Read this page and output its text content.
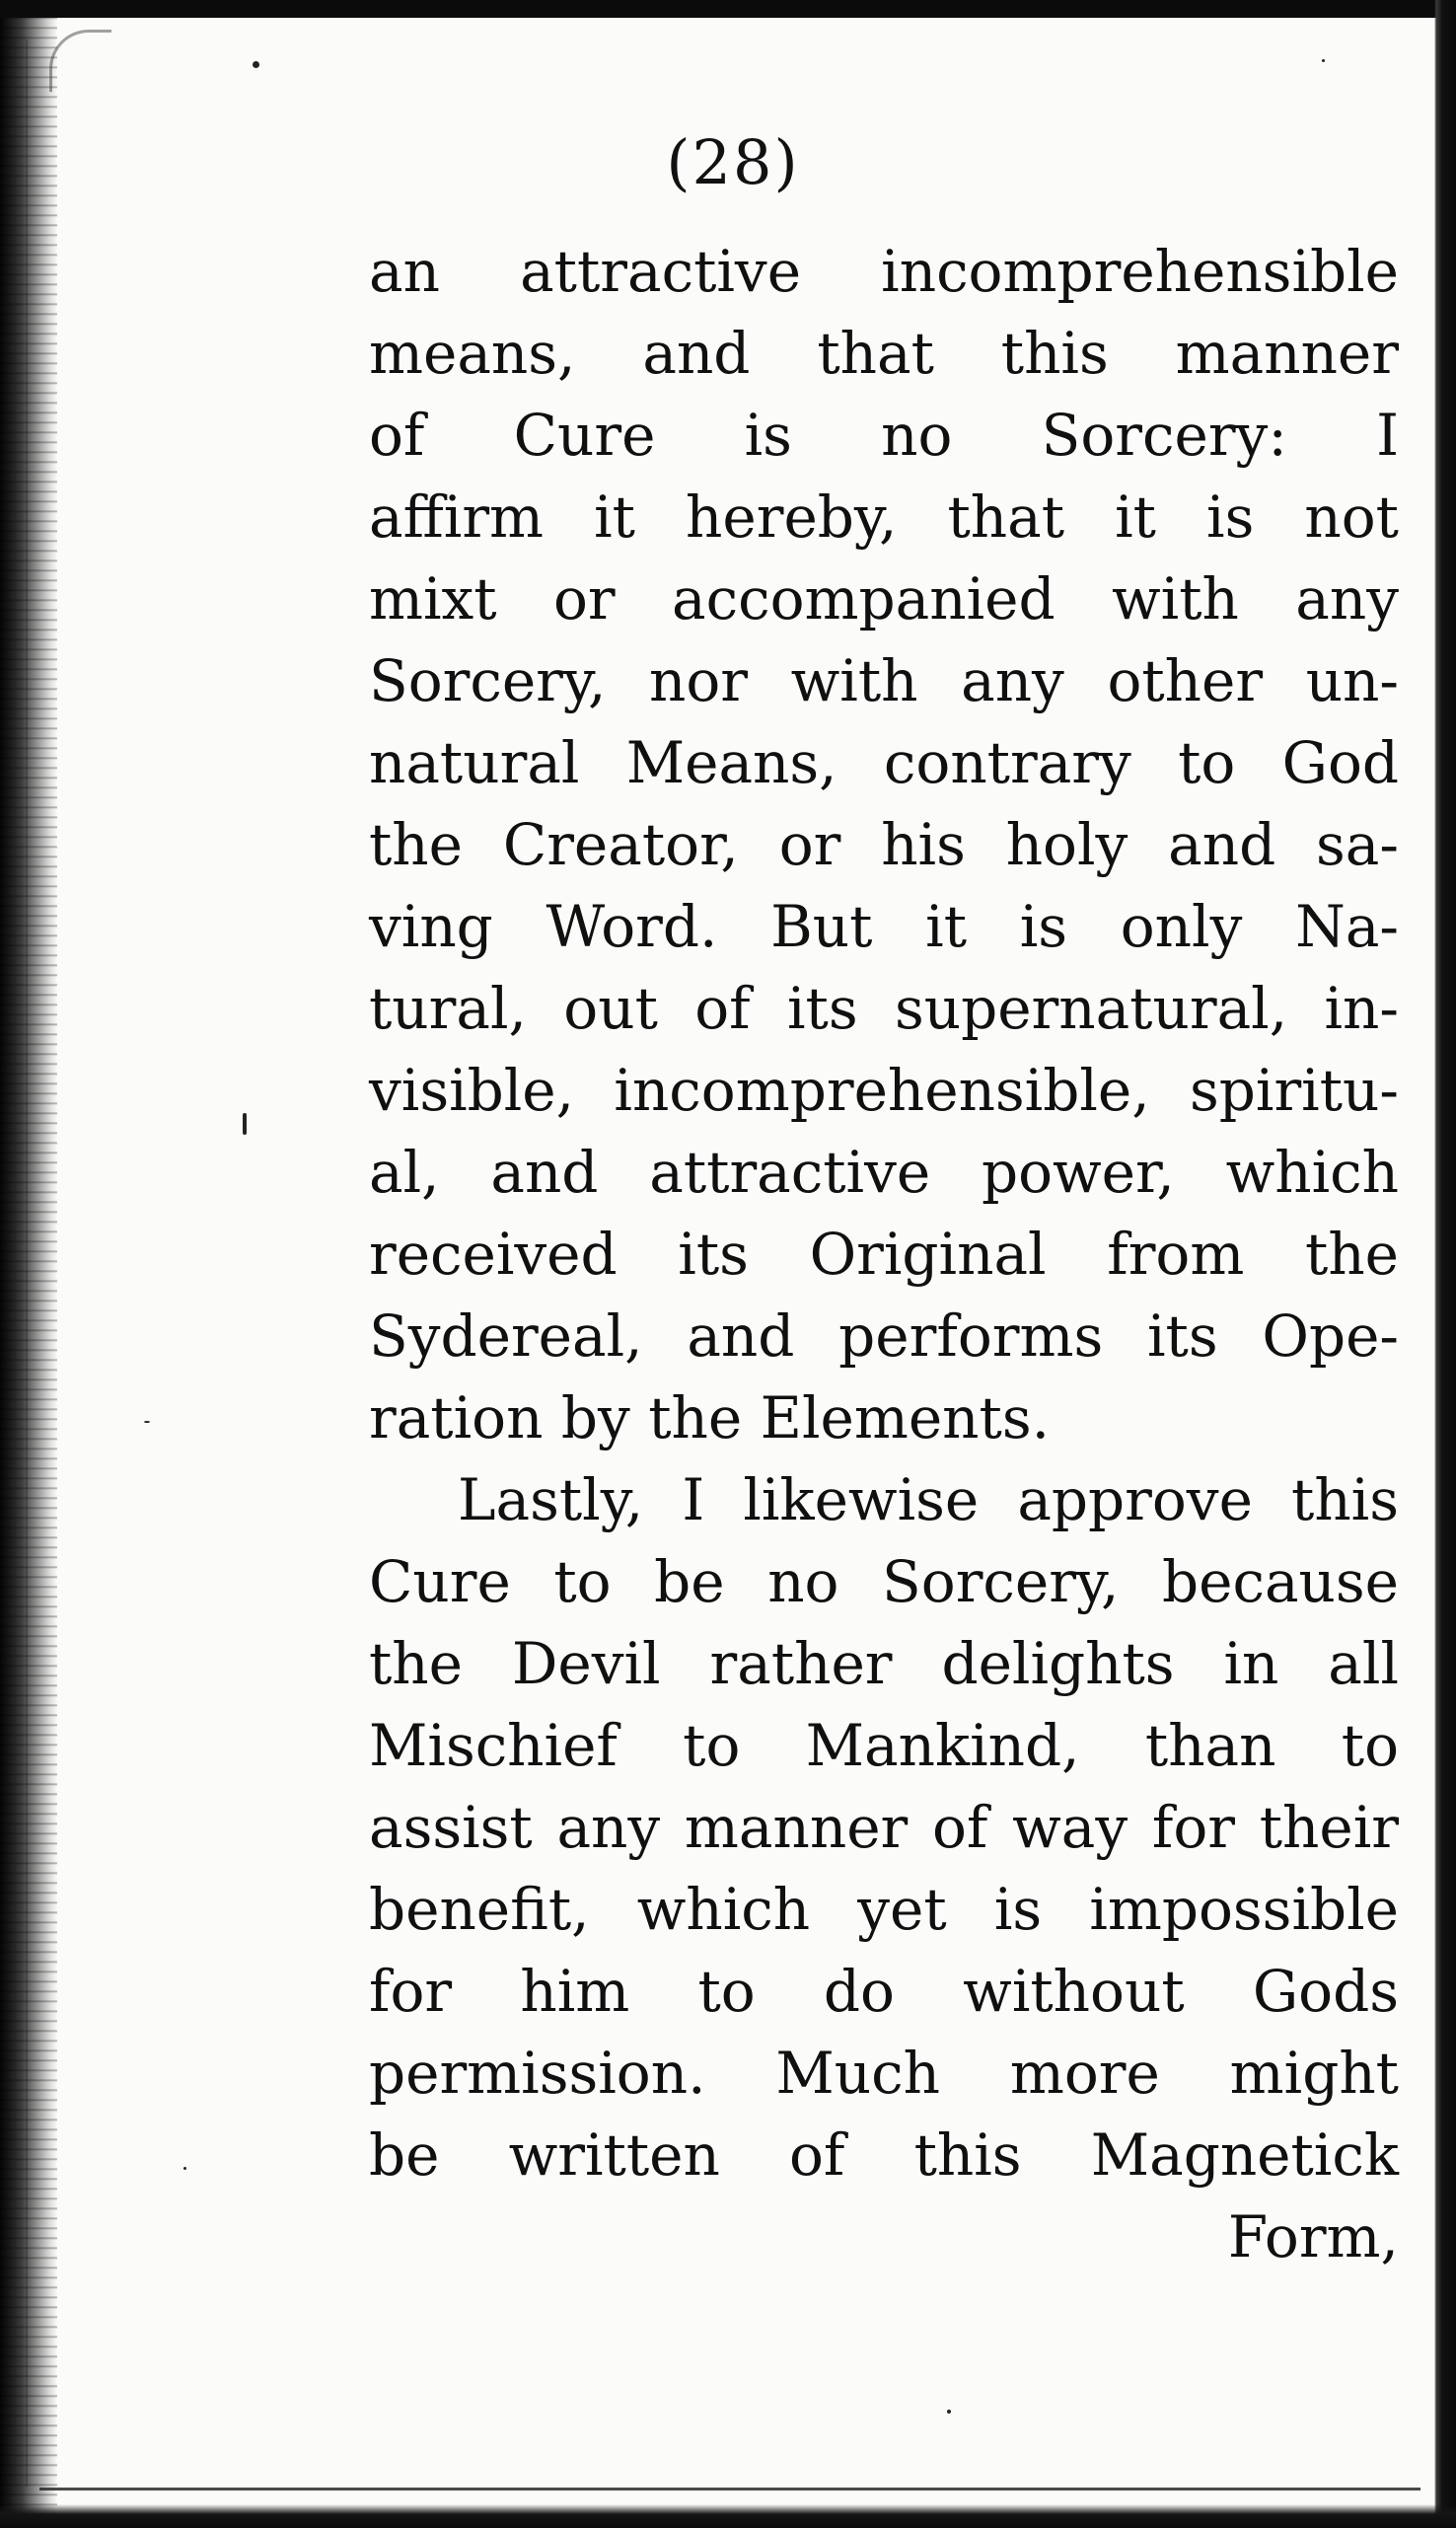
(28)
an attractive incomprehensible
means, and that this manner
of Cure is no Sorcery: I
affirm it hereby, that it is not
mixt or accompanied with any
Sorcery, nor with any other un-
natural Means, contrary to God
the Creator, or his holy and sa-
ving Word. But it is only Na-
tural, out of its supernatural, in-
visible, incomprehensible, spiritu-
al, and attractive power, which
received its Original from the
Sydereal, and performs its Ope-
ration by the Elements.
Lastly, I likewise approve this
Cure to be no Sorcery, because
the Devil rather delights in all
Mischief to Mankind, than to
assist any manner of way for their
benefit, which yet is impossible
for him to do without Gods
permission. Much more might
be written of this Magnetick
Form,
